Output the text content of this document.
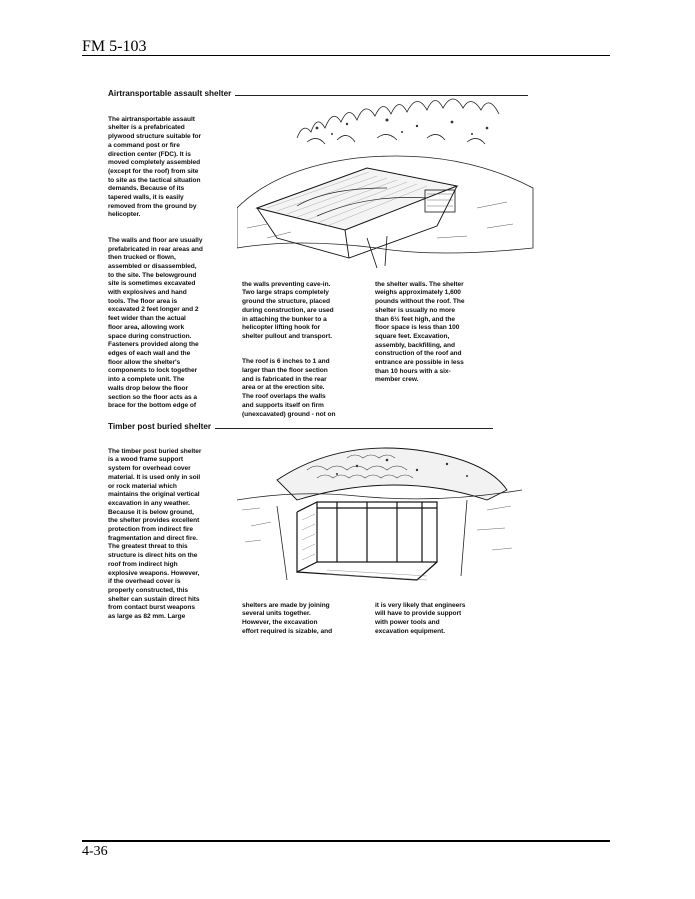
FM 5-103
Airtransportable assault shelter

The airtransportable assault
shelter is a prefabricated
plywood structure suitable for
a command post or fire
direction center (FDC). It is
moved completely assembled
(except for the roof) from site
to site as the tactical situation
demands. Because of its
tapered walls, it is easily
removed from the ground by
helicopter.

The walls and floor are usually
prefabricated in rear areas and
then trucked or flown,
assembled or disassembled,
to the site. The belowground
site is sometimes excavated
with explosives and hand
tools. The floor area is
excavated 2 feet longer and 2
feet wider than the actual
floor area, allowing work
space during construction.
Fasteners provided along the
edges of each wall and the
floor allow the shelter's
components to lock together
into a complete unit. The
walls drop below the floor
section so the floor acts as a
brace for the bottom edge of

the walls preventing cave-in.
Two large straps completely
ground the structure, placed
during construction, are used
in attaching the bunker to a
helicopter lifting hook for
shelter pullout and transport.

The roof is 6 inches to 1 and
larger than the floor section
and is fabricated in the rear
area or at the erection site.
The roof overlaps the walls
and supports itself on firm
(unexcavated) ground - not on

the shelter walls. The shelter
weighs approximately 1,600
pounds without the roof. The
shelter is usually no more
than 6½ feet high, and the
floor space is less than 100
square feet. Excavation,
assembly, backfilling, and
construction of the roof and
entrance are possible in less
than 10 hours with a six-
member crew.

Timber post buried shelter

The timber post buried shelter
is a wood frame support
system for overhead cover
material. It is used only in soil
or rock material which
maintains the original vertical
excavation in any weather.
Because it is below ground,
the shelter provides excellent
protection from indirect fire
fragmentation and direct fire.
The greatest threat to this
structure is direct hits on the
roof from indirect high
explosive weapons. However,
if the overhead cover is
properly constructed, this
shelter can sustain direct hits
from contact burst weapons
as large as 82 mm. Large

shelters are made by joining
several units together.
However, the excavation
effort required is sizable, and

it is very likely that engineers
will have to provide support
with power tools and
excavation equipment.

4-36
